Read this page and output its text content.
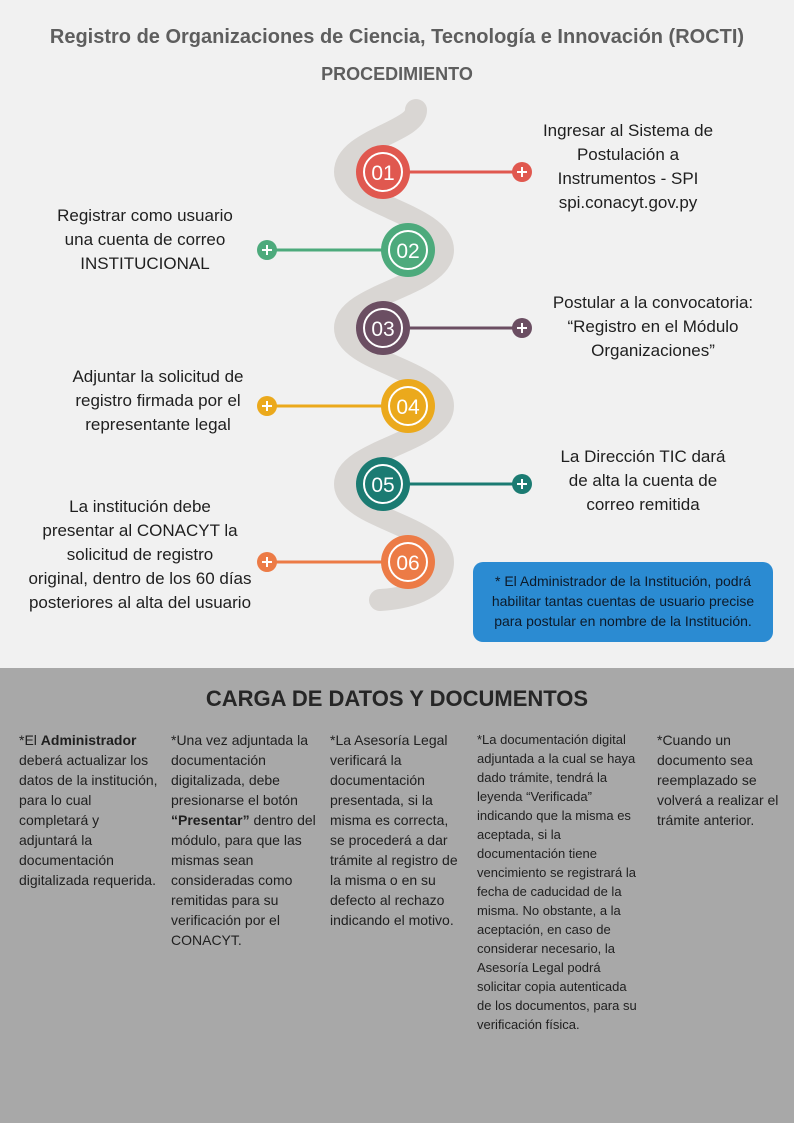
Registro de Organizaciones de Ciencia, Tecnología e Innovación (ROCTI)
PROCEDIMIENTO
01
02
03
04
05
06
Ingresar al Sistema de
Postulación a
Instrumentos - SPI
spi.conacyt.gov.py
Registrar como usuario
una cuenta de correo
INSTITUCIONAL
Postular a la convocatoria:
“Registro en el Módulo
Organizaciones”
Adjuntar la solicitud de
registro firmada por el
representante legal
La Dirección TIC dará
de alta la cuenta de
correo remitida
La institución debe
presentar al CONACYT la
solicitud de registro
original, dentro de los 60 días
posteriores al alta del usuario
* El Administrador de la Institución, podrá habilitar tantas cuentas de usuario precise para postular en nombre de la Institución.
CARGA DE DATOS Y DOCUMENTOS
*El Administrador deberá actualizar los datos de la institución, para lo cual completará y adjuntará la documentación digitalizada requerida.
*Una vez adjuntada la documentación digitalizada, debe presionarse el botón “Presentar” dentro del módulo, para que las mismas sean consideradas como remitidas para su verificación por el CONACYT.
*La Asesoría Legal verificará la documentación presentada, si la misma es correcta, se procederá a dar trámite al registro de la misma o en su defecto al rechazo indicando el motivo.
*La documentación digital adjuntada a la cual se haya dado trámite, tendrá la leyenda “Verificada” indicando que la misma es aceptada, si la documentación tiene vencimiento se registrará la fecha de caducidad de la misma. No obstante, a la aceptación, en caso de considerar necesario, la Asesoría Legal podrá solicitar copia autenticada de los documentos, para su verificación física.
*Cuando un documento sea reemplazado se volverá a realizar el trámite anterior.
